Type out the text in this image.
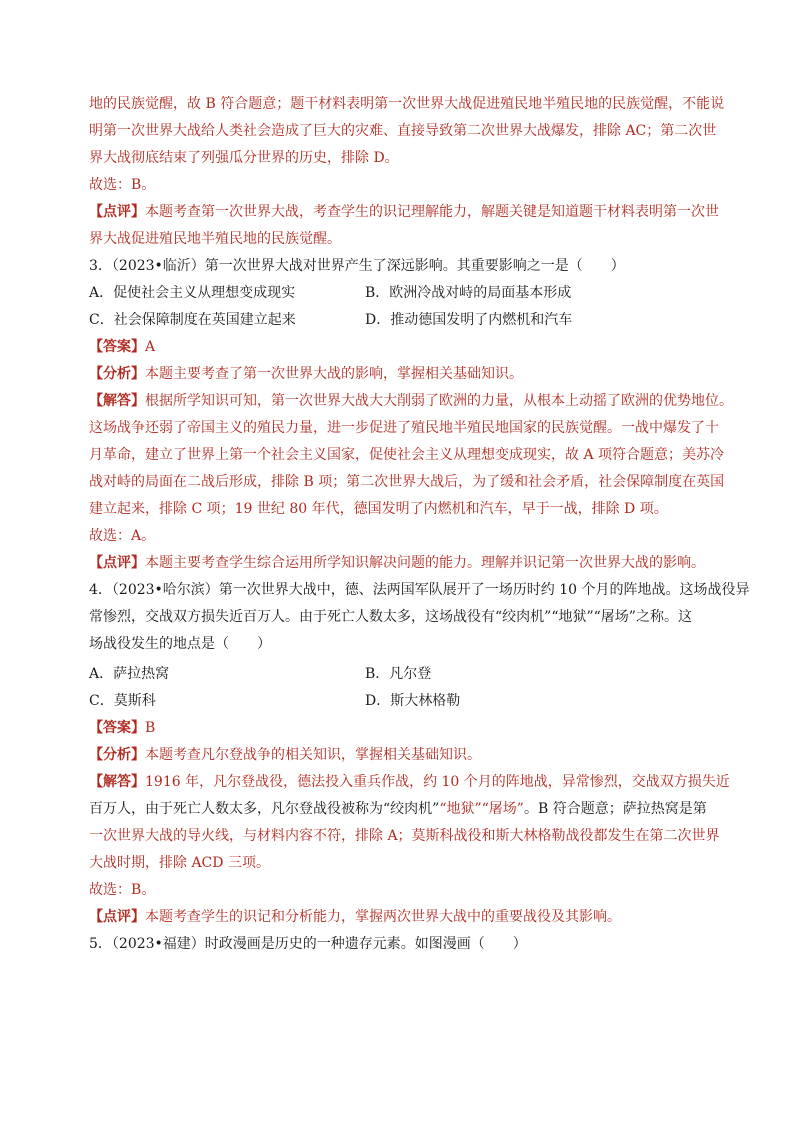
地的民族觉醒，故 B 符合题意；题干材料表明第一次世界大战促进殖民地半殖民地的民族觉醒，不能说
明第一次世界大战给人类社会造成了巨大的灾难、直接导致第二次世界大战爆发，排除 AC；第二次世
界大战彻底结束了列强瓜分世界的历史，排除 D。
故选：B。
【点评】本题考查第一次世界大战，考查学生的识记理解能力，解题关键是知道题干材料表明第一次世
界大战促进殖民地半殖民地的民族觉醒。
3．（2023•临沂）第一次世界大战对世界产生了深远影响。其重要影响之一是（　　）
A．促使社会主义从理想变成现实	B．欧洲冷战对峙的局面基本形成
C．社会保障制度在英国建立起来	D．推动德国发明了内燃机和汽车
【答案】A
【分析】本题主要考查了第一次世界大战的影响，掌握相关基础知识。
【解答】根据所学知识可知，第一次世界大战大大削弱了欧洲的力量，从根本上动摇了欧洲的优势地位。
这场战争还弱了帝国主义的殖民力量，进一步促进了殖民地半殖民地国家的民族觉醒。一战中爆发了十
月革命，建立了世界上第一个社会主义国家，促使社会主义从理想变成现实，故 A 项符合题意；美苏冷
战对峙的局面在二战后形成，排除 B 项；第二次世界大战后，为了缓和社会矛盾，社会保障制度在英国
建立起来，排除 C 项；19 世纪 80 年代，德国发明了内燃机和汽车，早于一战，排除 D 项。
故选：A。
【点评】本题主要考查学生综合运用所学知识解决问题的能力。理解并识记第一次世界大战的影响。
4．（2023•哈尔滨）第一次世界大战中，德、法两国军队展开了一场历时约 10 个月的阵地战。这场战役异
常惨烈，交战双方损失近百万人。由于死亡人数太多，这场战役有“绞肉机”“地狱”“屠场”之称。这
场战役发生的地点是（　　）
A．萨拉热窝	B．凡尔登
C．莫斯科	D．斯大林格勒
【答案】B
【分析】本题考查凡尔登战争的相关知识，掌握相关基础知识。
【解答】1916 年，凡尔登战役，德法投入重兵作战，约 10 个月的阵地战，异常惨烈，交战双方损失近
百万人，由于死亡人数太多，凡尔登战役被称为“绞肉机”“地狱”“屠场”。B 符合题意；萨拉热窝是第
一次世界大战的导火线，与材料内容不符，排除 A；莫斯科战役和斯大林格勒战役都发生在第二次世界
大战时期，排除 ACD 三项。
故选：B。
【点评】本题考查学生的识记和分析能力，掌握两次世界大战中的重要战役及其影响。
5．（2023•福建）时政漫画是历史的一种遗存元素。如图漫画（　　）
